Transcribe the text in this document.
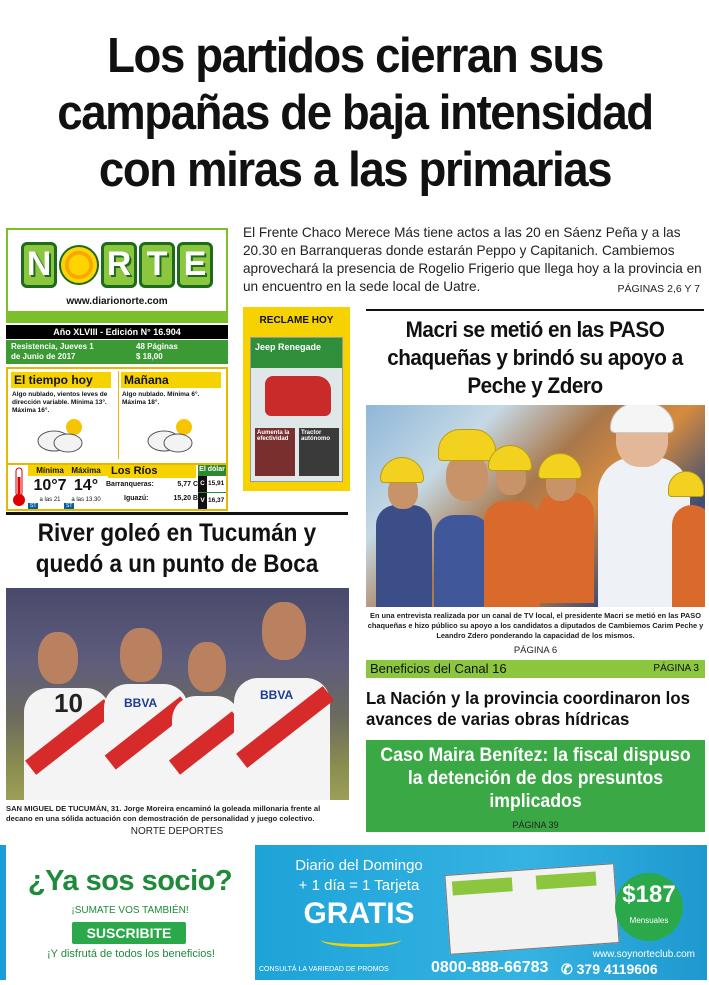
Los partidos cierran sus
campañas de baja intensidad
con miras a las primarias
N R T E
www.diarionorte.com
Año XLVIII - Edición N° 16.904
Resistencia, Jueves 1
de Junio de 2017
48 Páginas
$ 18,00
El tiempo hoy
Algo nublado, vientos leves de dirección variable. Mínima 13°. Máxima 16°.
Mañana
Algo nublado. Mínima 6°. Máxima 18°.
Mínima
10°7
a las 21
ST
Máxima
14°
a las 13.30
ST
Los Ríos
Barranqueras:	5,77 C
Iguazú:	15,20 B
El dólar
C 15,91
V 16,37
RECLAME HOY
Jeep Renegade
Aumenta la efectividad
Tractor autónomo
El Frente Chaco Merece Más tiene actos a las 20 en Sáenz Peña y a las 20.30 en Barranqueras donde estarán Peppo y Capitanich. Cambiemos aprovechará la presencia de Rogelio Frigerio que llega hoy a la provincia en un encuentro en la sede local de Uatre.	PÁGINAS 2,6 Y 7
Macri se metió en las PASO chaqueñas y brindó su apoyo a Peche y Zdero
En una entrevista realizada por un canal de TV local, el presidente Macri se metió en las PASO chaqueñas e hizo público su apoyo a los candidatos a diputados de Cambiemos Carim Peche y Leandro Zdero ponderando la capacidad de los mismos.
PÁGINA 6
Beneficios del Canal 16	PÁGINA 3
La Nación y la provincia coordinaron los avances de varias obras hídricas
Caso Maira Benítez: la fiscal dispuso la detención de dos presuntos implicados
PÁGINA 39
River goleó en Tucumán y quedó a un punto de Boca
10	BBVA
BBVA
SAN MIGUEL DE TUCUMÁN, 31. Jorge Moreira encaminó la goleada millonaria frente al decano en una sólida actuación con demostración de personalidad y juego colectivo.
NORTE DEPORTES
¿Ya sos socio?
¡SUMATE VOS TAMBIÉN!
SUSCRIBITE
¡Y disfrutá de todos los beneficios!
Diario del Domingo
+ 1 día = 1 Tarjeta
GRATIS
$187
Mensuales
www.soynorteclub.com
CONSULTÁ LA VARIEDAD DE PROMOS	0800-888-66783 ✆ 379 4119606
